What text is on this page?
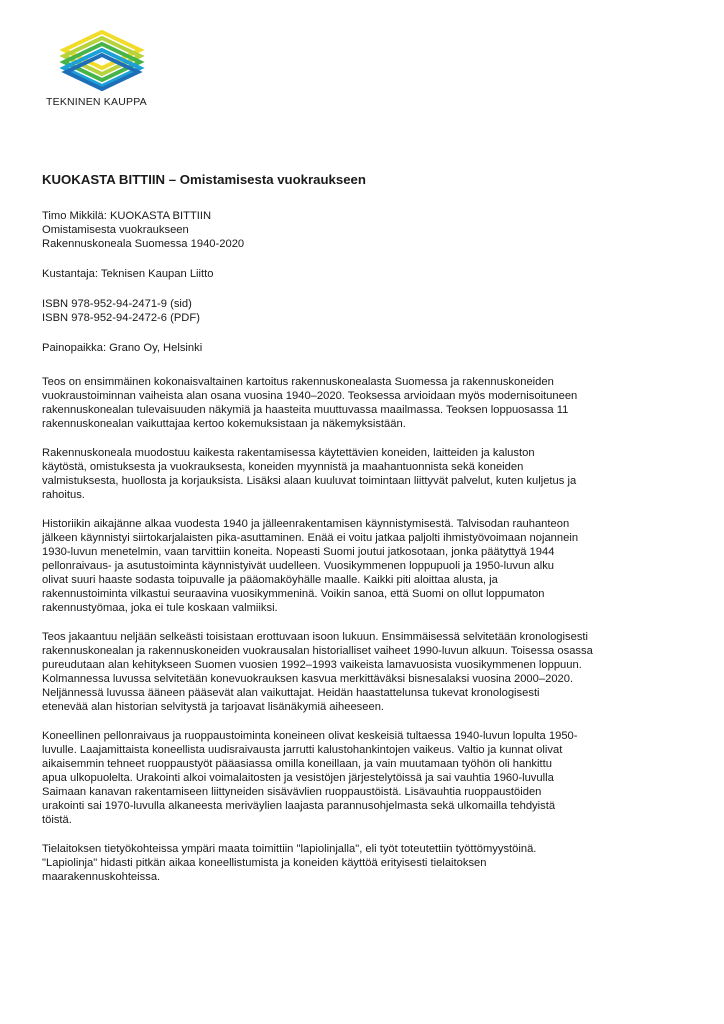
TEKNINEN KAUPPA
KUOKASTA BITTIIN – Omistamisesta vuokraukseen
Timo Mikkilä: KUOKASTA BITTIIN
Omistamisesta vuokraukseen
Rakennuskoneala Suomessa 1940-2020
Kustantaja: Teknisen Kaupan Liitto
ISBN 978-952-94-2471-9 (sid)
ISBN 978-952-94-2472-6 (PDF)
Painopaikka: Grano Oy, Helsinki
Teos on ensimmäinen kokonaisvaltainen kartoitus rakennuskonealasta Suomessa ja rakennuskoneiden
vuokraustoiminnan vaiheista alan osana vuosina 1940–2020. Teoksessa arvioidaan myös modernisoituneen
rakennuskonealan tulevaisuuden näkymiä ja haasteita muuttuvassa maailmassa. Teoksen loppuosassa 11
rakennuskonealan vaikuttajaa kertoo kokemuksistaan ja näkemyksistään.
Rakennuskoneala muodostuu kaikesta rakentamisessa käytettävien koneiden, laitteiden ja kaluston
käytöstä, omistuksesta ja vuokrauksesta, koneiden myynnistä ja maahantuonnista sekä koneiden
valmistuksesta, huollosta ja korjauksista. Lisäksi alaan kuuluvat toimintaan liittyvät palvelut, kuten kuljetus ja
rahoitus.
Historiikin aikajänne alkaa vuodesta 1940 ja jälleenrakentamisen käynnistymisestä. Talvisodan rauhanteon
jälkeen käynnistyi siirtokarjalaisten pika-asuttaminen. Enää ei voitu jatkaa paljolti ihmistyövoimaan nojannein
1930-luvun menetelmin, vaan tarvittiin koneita. Nopeasti Suomi joutui jatkosotaan, jonka päätyttyä 1944
pellonraivaus- ja asutustoiminta käynnistyivät uudelleen. Vuosikymmenen loppupuoli ja 1950-luvun alku
olivat suuri haaste sodasta toipuvalle ja pääomaköyhälle maalle. Kaikki piti aloittaa alusta, ja
rakennustoiminta vilkastui seuraavina vuosikymmeninä. Voikin sanoa, että Suomi on ollut loppumaton
rakennustyömaa, joka ei tule koskaan valmiiksi.
Teos jakaantuu neljään selkeästi toisistaan erottuvaan isoon lukuun. Ensimmäisessä selvitetään kronologisesti
rakennuskonealan ja rakennuskoneiden vuokrausalan historialliset vaiheet 1990-luvun alkuun. Toisessa osassa
pureudutaan alan kehitykseen Suomen vuosien 1992–1993 vaikeista lamavuosista vuosikymmenen loppuun.
Kolmannessa luvussa selvitetään konevuokrauksen kasvua merkittäväksi bisnesalaksi vuosina 2000–2020.
Neljännessä luvussa ääneen pääsevät alan vaikuttajat. Heidän haastattelunsa tukevat kronologisesti
etenevää alan historian selvitystä ja tarjoavat lisänäkymiä aiheeseen.
Koneellinen pellonraivaus ja ruoppaustoiminta koneineen olivat keskeisiä tultaessa 1940-luvun lopulta 1950-
luvulle. Laajamittaista koneellista uudisraivausta jarrutti kalustohankintojen vaikeus. Valtio ja kunnat olivat
aikaisemmin tehneet ruoppaustyöt pääasiassa omilla koneillaan, ja vain muutamaan työhön oli hankittu
apua ulkopuolelta. Urakointi alkoi voimalaitosten ja vesistöjen järjestelytöissä ja sai vauhtia 1960-luvulla
Saimaan kanavan rakentamiseen liittyneiden sisävävlien ruoppaustöistä. Lisävauhtia ruoppaustöiden
urakointi sai 1970-luvulla alkaneesta meriväylien laajasta parannusohjelmasta sekä ulkomailla tehdyistä
töistä.
Tielaitoksen tietyökohteissa ympäri maata toimittiin "lapiolinjalla", eli työt toteutettiin työttömyystöinä.
"Lapiolinja" hidasti pitkän aikaa koneellistumista ja koneiden käyttöä erityisesti tielaitoksen
maarakennuskohteissa.
